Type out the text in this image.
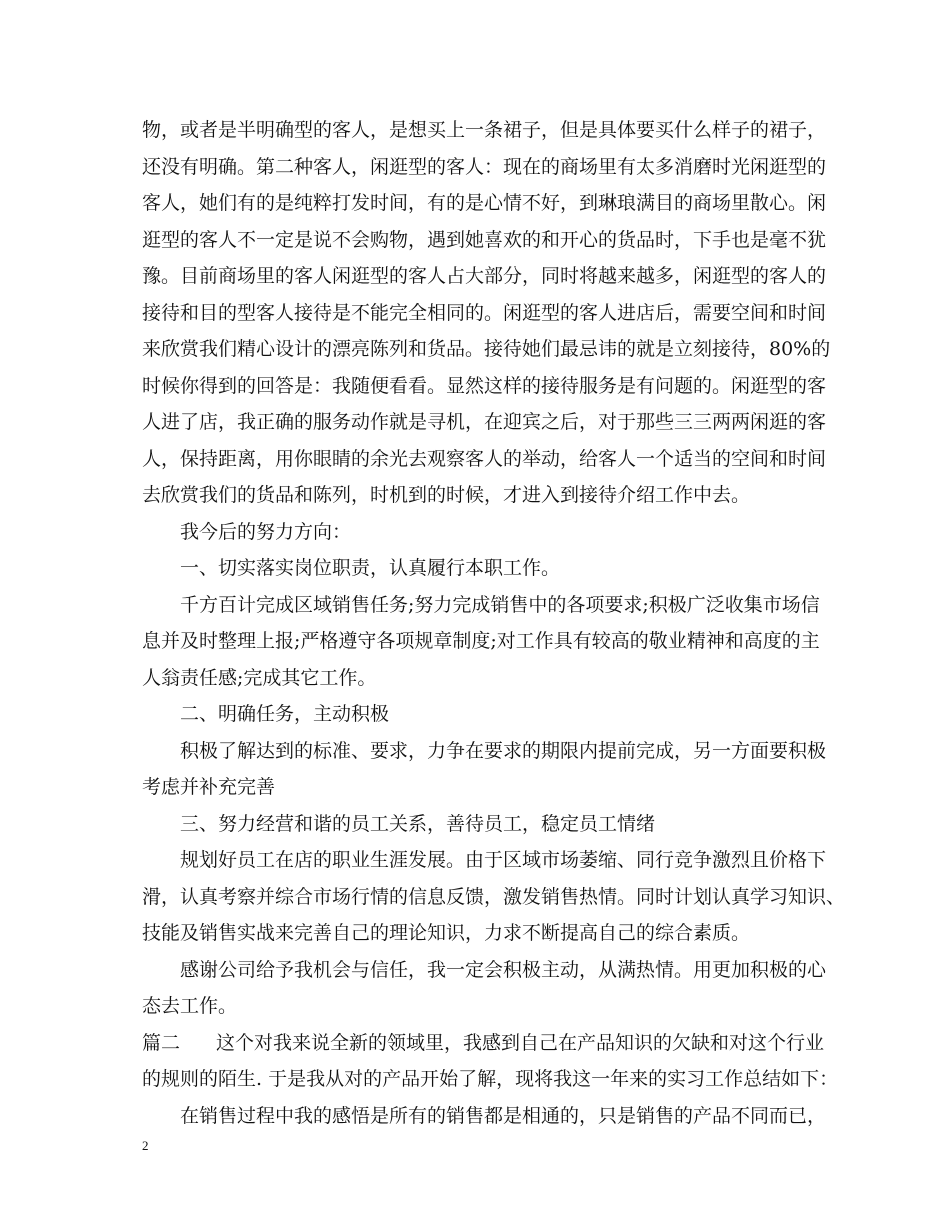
物，或者是半明确型的客人，是想买上一条裙子，但是具体要买什么样子的裙子，
还没有明确。第二种客人，闲逛型的客人：现在的商场里有太多消磨时光闲逛型的
客人，她们有的是纯粹打发时间，有的是心情不好，到琳琅满目的商场里散心。闲
逛型的客人不一定是说不会购物，遇到她喜欢的和开心的货品时，下手也是毫不犹
豫。目前商场里的客人闲逛型的客人占大部分，同时将越来越多，闲逛型的客人的
接待和目的型客人接待是不能完全相同的。闲逛型的客人进店后，需要空间和时间
来欣赏我们精心设计的漂亮陈列和货品。接待她们最忌讳的就是立刻接待，80%的
时候你得到的回答是：我随便看看。显然这样的接待服务是有问题的。闲逛型的客
人进了店，我正确的服务动作就是寻机，在迎宾之后，对于那些三三两两闲逛的客
人，保持距离，用你眼睛的余光去观察客人的举动，给客人一个适当的空间和时间
去欣赏我们的货品和陈列，时机到的时候，才进入到接待介绍工作中去。
我今后的努力方向：
一、切实落实岗位职责，认真履行本职工作。
千方百计完成区域销售任务;努力完成销售中的各项要求;积极广泛收集市场信
息并及时整理上报;严格遵守各项规章制度;对工作具有较高的敬业精神和高度的主
人翁责任感;完成其它工作。
二、明确任务，主动积极
积极了解达到的标准、要求，力争在要求的期限内提前完成，另一方面要积极
考虑并补充完善
三、努力经营和谐的员工关系，善待员工，稳定员工情绪
规划好员工在店的职业生涯发展。由于区域市场萎缩、同行竞争激烈且价格下
滑，认真考察并综合市场行情的信息反馈，激发销售热情。同时计划认真学习知识、
技能及销售实战来完善自己的理论知识，力求不断提高自己的综合素质。
感谢公司给予我机会与信任，我一定会积极主动，从满热情。用更加积极的心
态去工作。
篇二 这个对我来说全新的领域里，我感到自己在产品知识的欠缺和对这个行业
的规则的陌生. 于是我从对的产品开始了解，现将我这一年来的实习工作总结如下：
在销售过程中我的感悟是所有的销售都是相通的，只是销售的产品不同而已，
2
